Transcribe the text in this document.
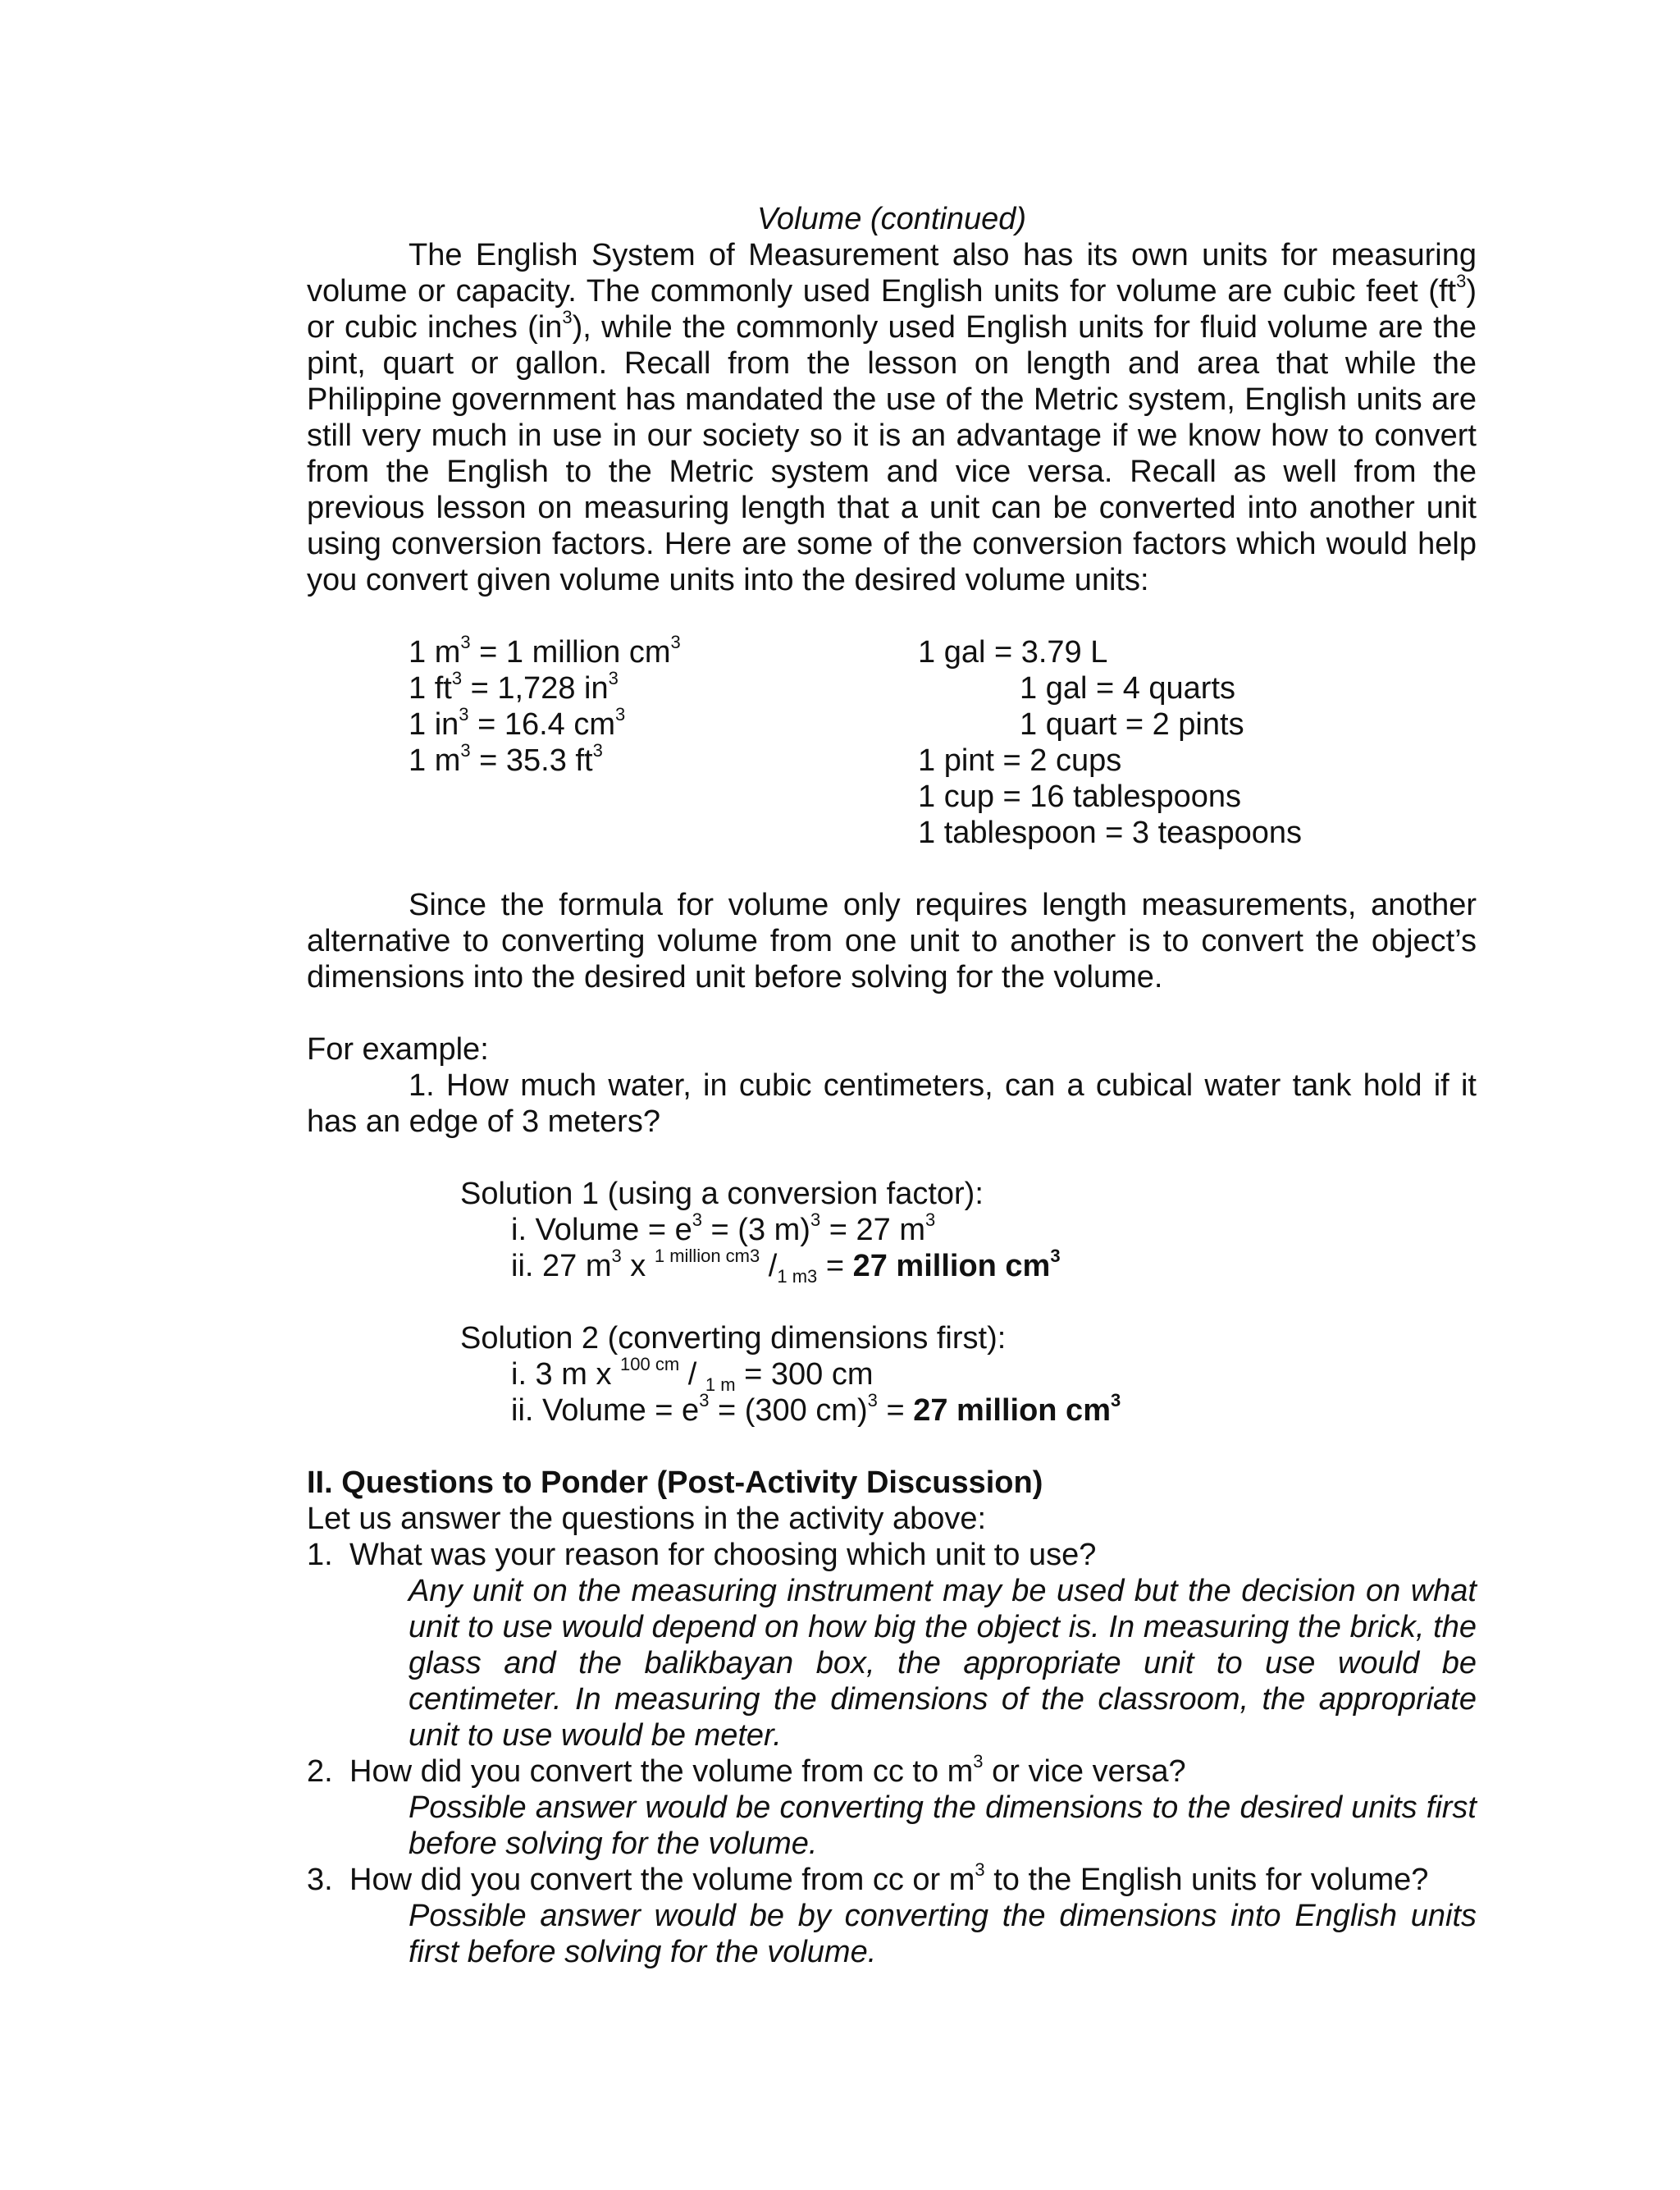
Volume (continued)
The English System of Measurement also has its own units for measuring volume or capacity. The commonly used English units for volume are cubic feet $(ft^3)$ or cubic inches $(in^3)$, while the commonly used English units for fluid volume are the pint, quart or gallon. Recall from the lesson on length and area that while the Philippine government has mandated the use of the Metric system, English units are still very much in use in our society so it is an advantage if we know how to convert from the English to the Metric system and vice versa. Recall as well from the previous lesson on measuring length that a unit can be converted into another unit using conversion factors. Here are some of the conversion factors which would help you convert given volume units into the desired volume units:
1 $m^3 = 1$ million $cm^3$
1 $ft^3 = 1,728$ $in^3$
1 $in^3 = 16.4$ $cm^3$
1 $m^3 = 35.3$ $ft^3$
1 gal = 3.79 L
1 gal = 4 quarts
1 quart = 2 pints
1 pint = 2 cups
1 cup = 16 tablespoons
1 tablespoon = 3 teaspoons
Since the formula for volume only requires length measurements, another alternative to converting volume from one unit to another is to convert the object’s dimensions into the desired unit before solving for the volume.
For example:
1. How much water, in cubic centimeters, can a cubical water tank hold if it has an edge of 3 meters?
Solution 1 (using a conversion factor):
i. Volume = $e^3 = (3$ m)$^3$ = 27 $m^3$
ii. 27 $m^3$ x $^{1 million cm3}$ $/_{1 m3} = 27$ million $cm^3$
Solution 2 (converting dimensions first):
i. 3 m x $^{100 cm}$ / $_{1 m}$ = 300 cm
ii. Volume = $e^3 = (300$ cm)$^3$ = 27 million $cm^3$
II. Questions to Ponder (Post-Activity Discussion)
Let us answer the questions in the activity above:
1. What was your reason for choosing which unit to use?
Any unit on the measuring instrument may be used but the decision on what unit to use would depend on how big the object is. In measuring the brick, the glass and the balikbayan box, the appropriate unit to use would be centimeter. In measuring the dimensions of the classroom, the appropriate unit to use would be meter.
2. How did you convert the volume from cc to $m^3$ or vice versa?
Possible answer would be converting the dimensions to the desired units first before solving for the volume.
3. How did you convert the volume from cc or $m^3$ to the English units for volume?
Possible answer would be by converting the dimensions into English units first before solving for the volume.
